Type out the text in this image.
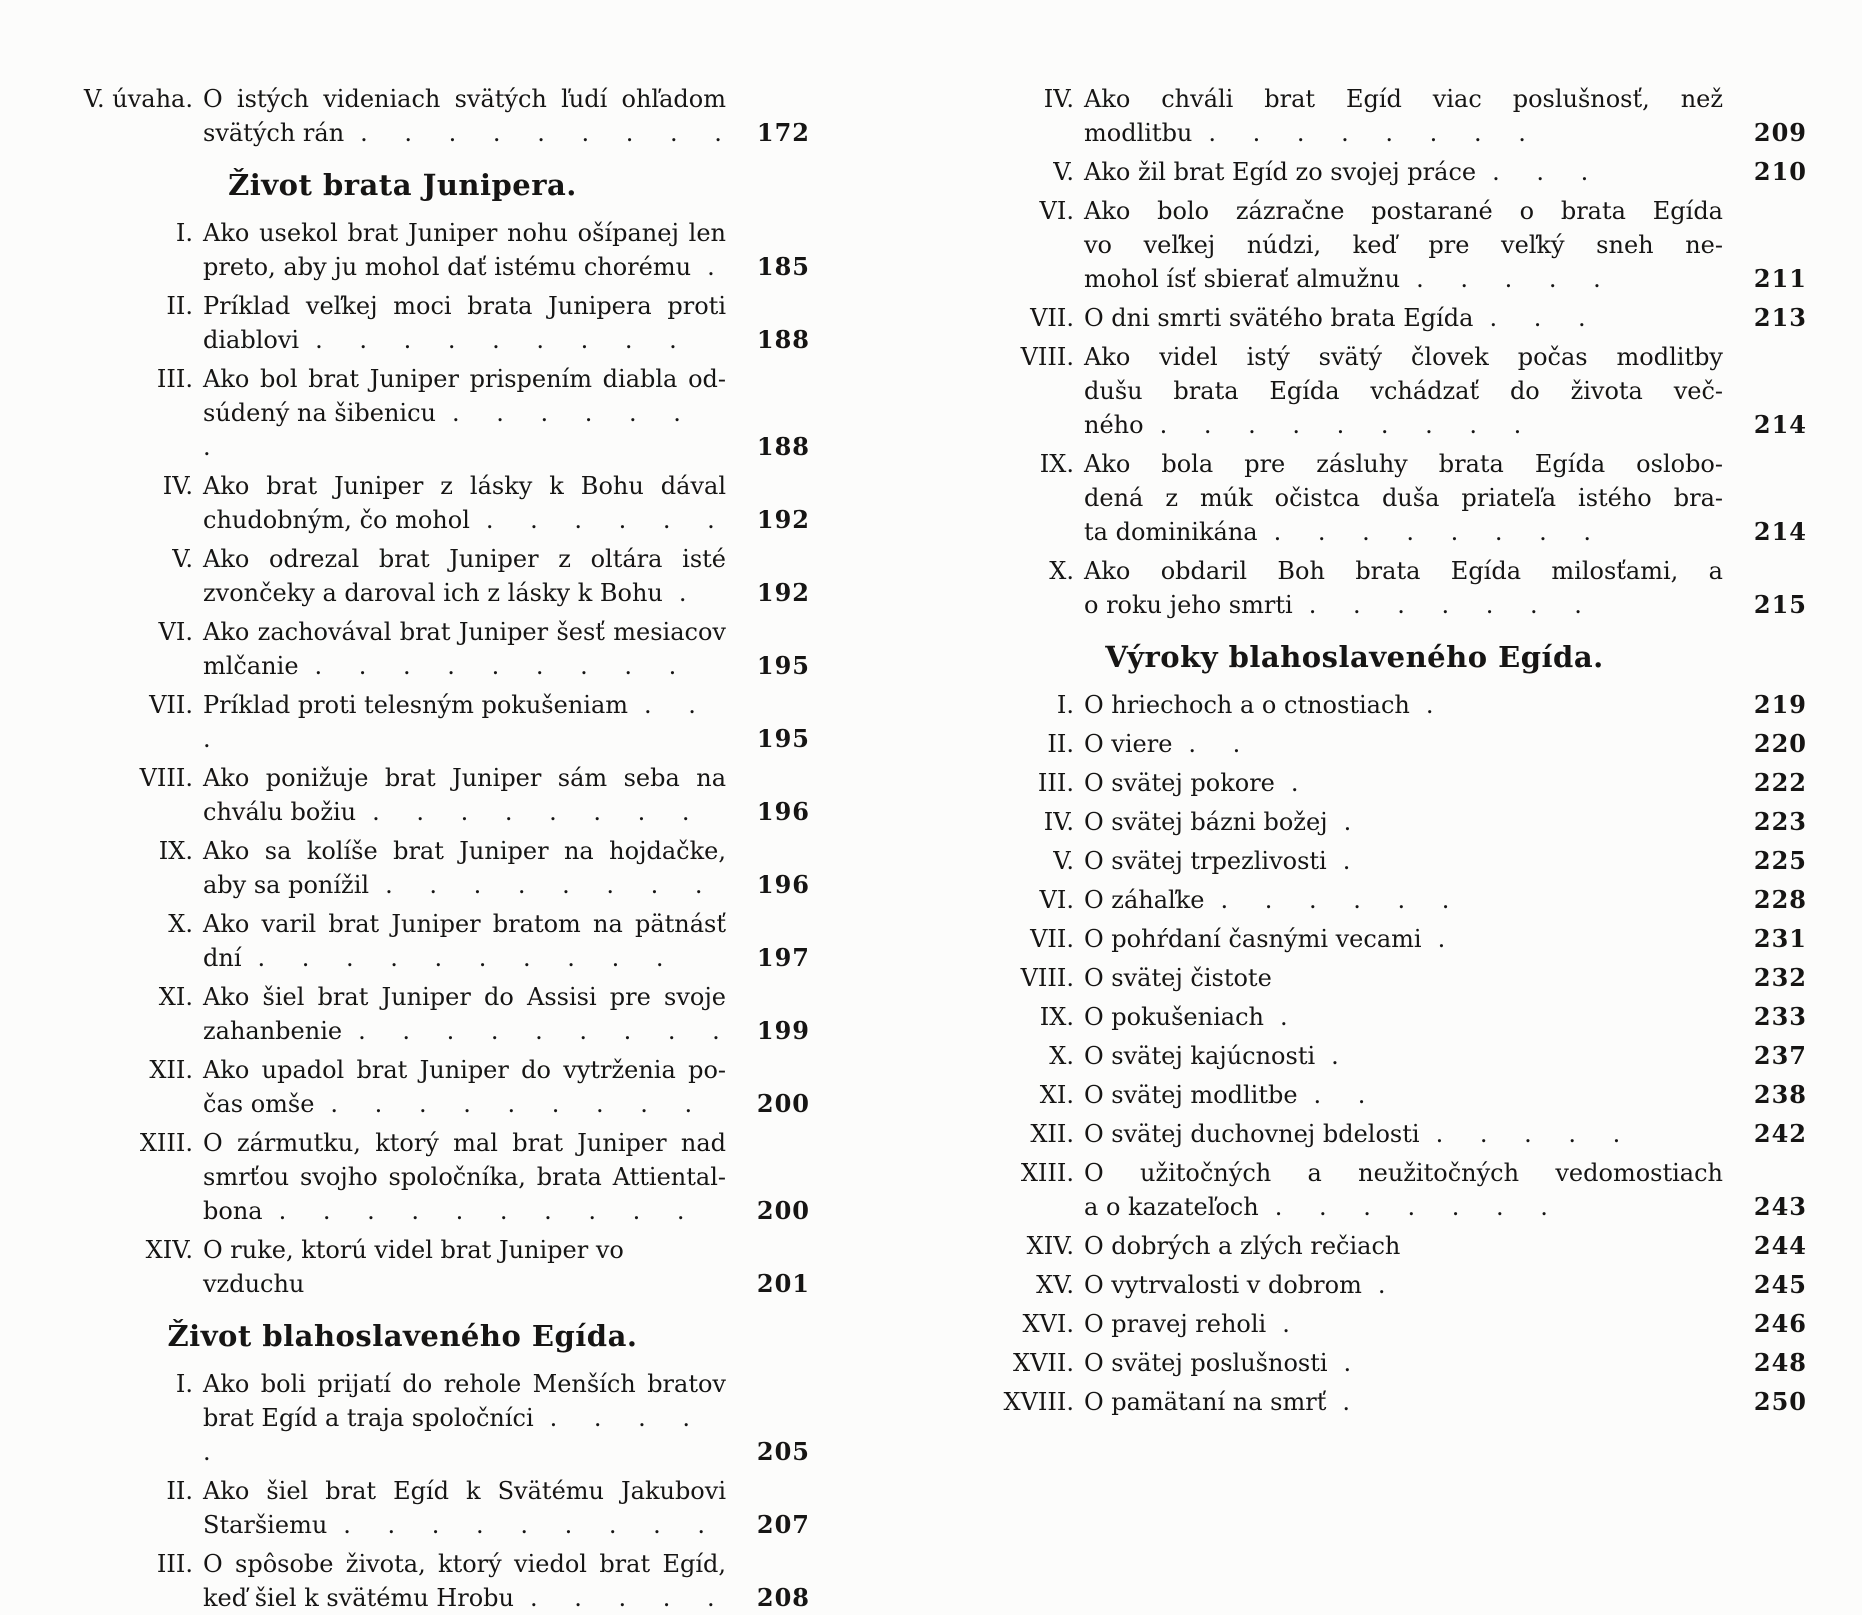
V. úvaha. O istých videniach svätých ľudí ohľadom
svätých rán . . . . . . . . . 172
Život brata Junipera.
I. Ako usekol brat Juniper nohu ošípanej len
preto, aby ju mohol dať istému chorému .	185
II. Príklad veľkej moci brata Junipera proti
diablovi . . . . . . . . .	188
III. Ako bol brat Juniper prispením diabla od-
súdený na šibenicu . . . . . . .	188
IV. Ako brat Juniper z lásky k Bohu dával
chudobným, čo mohol . . . . . .	192
V. Ako odrezal brat Juniper z oltára isté
zvončeky a daroval ich z lásky k Bohu .	192
VI. Ako zachovával brat Juniper šesť mesiacov
mlčanie . . . . . . . . .	195
VII. Príklad proti telesným pokušeniam . . .	195
VIII. Ako ponižuje brat Juniper sám seba na
chválu božiu . . . . . . . .	196
IX. Ako sa kolíše brat Juniper na hojdačke,
aby sa ponížil . . . . . . . .	196
X. Ako varil brat Juniper bratom na pätnásť
dní . . . . . . . . . .	197
XI. Ako šiel brat Juniper do Assisi pre svoje
zahanbenie . . . . . . . . . 199
XII. Ako upadol brat Juniper do vytrženia po-
čas omše . . . . . . . . .	200
XIII. O zármutku, ktorý mal brat Juniper nad
smrťou svojho spoločníka, brata Attiental-
bona . . . . . . . . . .	200
XIV. O ruke, ktorú videl brat Juniper vo vzduchu	201
Život blahoslaveného Egída.
I. Ako boli prijatí do rehole Menších bratov
brat Egíd a traja spoločníci . . . . .	205
II. Ako šiel brat Egíd k Svätému Jakubovi
Staršiemu . . . . . . . . .	207
III. O spôsobe života, ktorý viedol brat Egíd,
keď šiel k svätému Hrobu . . . . .	208
IV. Ako chváli brat Egíd viac poslušnosť, než
modlitbu . . . . . . . .	209
V. Ako žil brat Egíd zo svojej práce . . .	210
VI. Ako bolo zázračne postarané o brata Egída
vo veľkej núdzi, keď pre veľký sneh ne-
mohol ísť sbierať almužnu . . . . .	211
VII. O dni smrti svätého brata Egída . . .	213
VIII. Ako videl istý svätý človek počas modlitby
dušu brata Egída vchádzať do života več-
ného . . . . . . . . .	214
IX. Ako bola pre zásluhy brata Egída oslobo-
dená z múk očistca duša priateľa istého bra-
ta dominikána . . . . . . . .	214
X. Ako obdaril Boh brata Egída milosťami, a
o roku jeho smrti . . . . . . .	215
Výroky blahoslaveného Egída.
I. O hriechoch a o ctnostiach .	219
II. O viere . .	220
III. O svätej pokore .	222
IV. O svätej bázni božej .	223
V. O svätej trpezlivosti .	225
VI. O záhaľke . . . . . .	228
VII. O pohŕdaní časnými vecami .	231
VIII. O svätej čistote	232
IX. O pokušeniach .	233
X. O svätej kajúcnosti .	237
XI. O svätej modlitbe . .	238
XII. O svätej duchovnej bdelosti . . . . .	242
XIII. O užitočných a neužitočných vedomostiach
a o kazateľoch . . . . . . .	243
XIV. O dobrých a zlých rečiach	244
XV. O vytrvalosti v dobrom .	245
XVI. O pravej reholi .	246
XVII. O svätej poslušnosti .	248
XVIII. O pamätaní na smrť .	250
